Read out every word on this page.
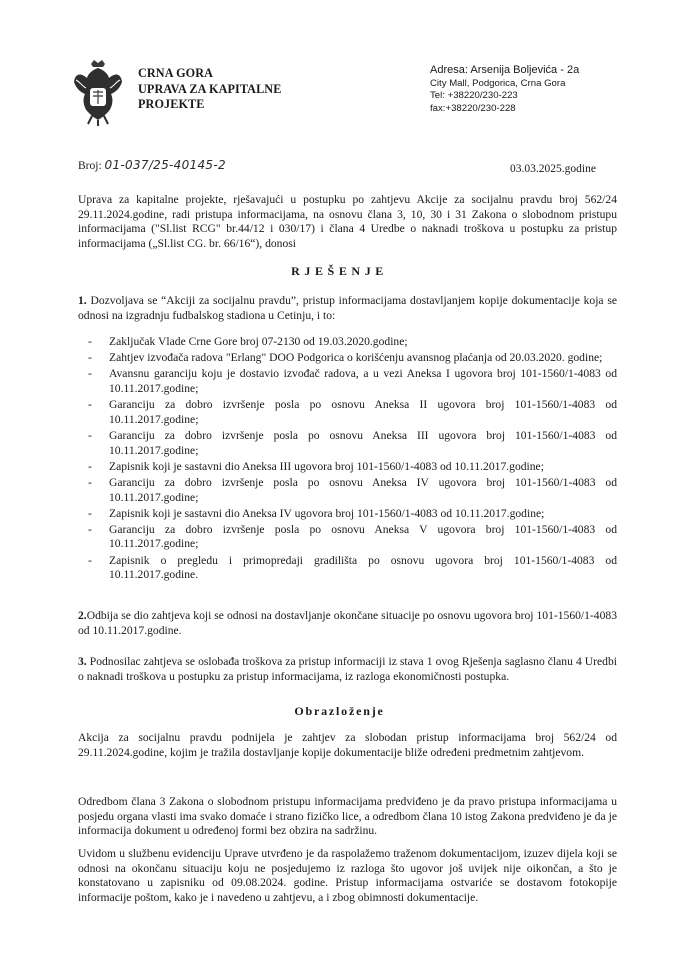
CRNA GORA
UPRAVA ZA KAPITALNE
PROJEKTE
Adresa: Arsenija Boljevića - 2a
City Mall, Podgorica, Crna Gora
Tel: +38220/230-223
fax:+38220/230-228
Broj: 01-037/25-40145-2	03.03.2025.godine
Uprava za kapitalne projekte, rješavajući u postupku po zahtjevu Akcije za socijalnu pravdu broj 562/24 29.11.2024.godine, radi pristupa informacijama, na osnovu člana 3, 10, 30 i 31 Zakona o slobodnom pristupu informacijama ("Sl.list RCG" br.44/12 i 030/17) i člana 4 Uredbe o naknadi troškova u postupku za pristup informacijama („Sl.list CG. br. 66/16“), donosi
RJEŠENJE
1. Dozvoljava se “Akciji za socijalnu pravdu”, pristup informacijama dostavljanjem kopije dokumentacije koja se odnosi na izgradnju fudbalskog stadiona u Cetinju, i to:
- Zaključak Vlade Crne Gore broj 07-2130 od 19.03.2020.godine;
- Zahtjev izvođača radova "Erlang" DOO Podgorica o korišćenju avansnog plaćanja od 20.03.2020. godine;
- Avansnu garanciju koju je dostavio izvođač radova, a u vezi Aneksa I ugovora broj 101-1560/1-4083 od 10.11.2017.godine;
- Garanciju za dobro izvršenje posla po osnovu Aneksa II ugovora broj 101-1560/1-4083 od 10.11.2017.godine;
- Garanciju za dobro izvršenje posla po osnovu Aneksa III ugovora broj 101-1560/1-4083 od 10.11.2017.godine;
- Zapisnik koji je sastavni dio Aneksa III ugovora broj 101-1560/1-4083 od 10.11.2017.godine;
- Garanciju za dobro izvršenje posla po osnovu Aneksa IV ugovora broj 101-1560/1-4083 od 10.11.2017.godine;
- Zapisnik koji je sastavni dio Aneksa IV ugovora broj 101-1560/1-4083 od 10.11.2017.godine;
- Garanciju za dobro izvršenje posla po osnovu Aneksa V ugovora broj 101-1560/1-4083 od 10.11.2017.godine;
- Zapisnik o pregledu i primopredaji gradilišta po osnovu ugovora broj 101-1560/1-4083 od 10.11.2017.godine.
2.Odbija se dio zahtjeva koji se odnosi na dostavljanje okončane situacije po osnovu ugovora broj 101-1560/1-4083 od 10.11.2017.godine.
3. Podnosilac zahtjeva se oslobađa troškova za pristup informaciji iz stava 1 ovog Rješenja saglasno članu 4 Uredbi o naknadi troškova u postupku za pristup informacijama, iz razloga ekonomičnosti postupka.
Obrazloženje
Akcija za socijalnu pravdu podnijela je zahtjev za slobodan pristup informacijama broj 562/24 od 29.11.2024.godine, kojim je tražila dostavljanje kopije dokumentacije bliže određeni predmetnim zahtjevom.
Odredbom člana 3 Zakona o slobodnom pristupu informacijama predviđeno je da pravo pristupa informacijama u posjedu organa vlasti ima svako domaće i strano fizičko lice, a odredbom člana 10 istog Zakona predviđeno je da je informacija dokument u određenoj formi bez obzira na sadržinu.
Uvidom u službenu evidenciju Uprave utvrđeno je da raspolažemo traženom dokumentacijom, izuzev dijela koji se odnosi na okončanu situaciju koju ne posjedujemo iz razloga što ugovor još uvijek nije oikončan, a što je konstatovano u zapisniku od 09.08.2024. godine. Pristup informacijama ostvariće se dostavom fotokopije informacije poštom, kako je i navedeno u zahtjevu, a i zbog obimnosti dokumentacije.
